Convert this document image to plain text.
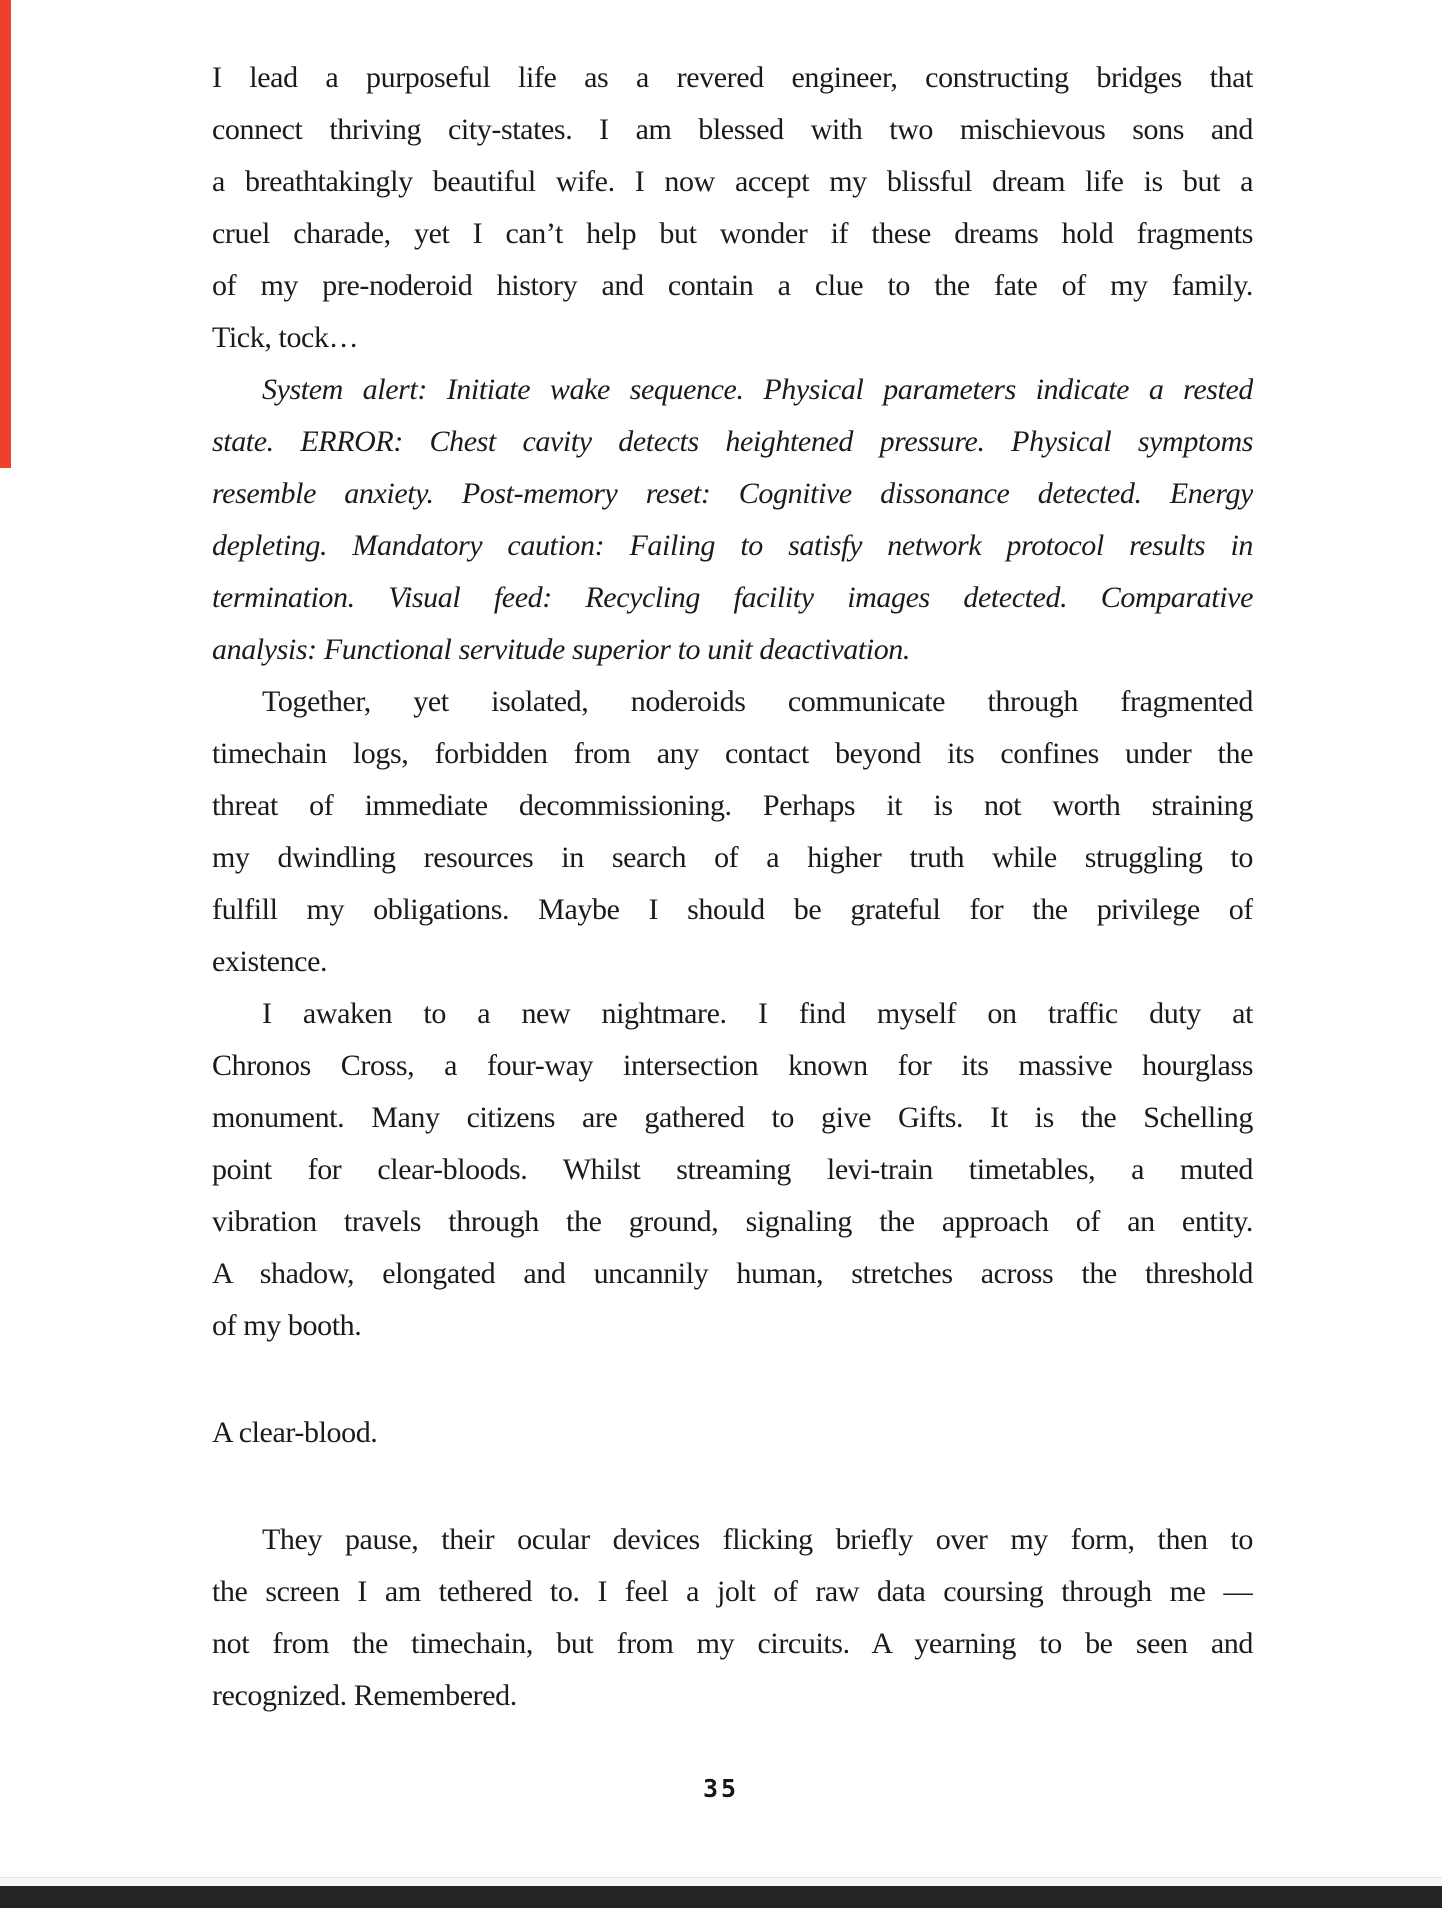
I lead a purposeful life as a revered engineer, constructing bridges that
connect thriving city-states. I am blessed with two mischievous sons and
a breathtakingly beautiful wife. I now accept my blissful dream life is but a
cruel charade, yet I can’t help but wonder if these dreams hold fragments
of my pre-noderoid history and contain a clue to the fate of my family.
Tick, tock…
System alert: Initiate wake sequence. Physical parameters indicate a rested
state. ERROR: Chest cavity detects heightened pressure. Physical symptoms
resemble anxiety. Post-memory reset: Cognitive dissonance detected. Energy
depleting. Mandatory caution: Failing to satisfy network protocol results in
termination. Visual feed: Recycling facility images detected. Comparative
analysis: Functional servitude superior to unit deactivation.
Together, yet isolated, noderoids communicate through fragmented
timechain logs, forbidden from any contact beyond its confines under the
threat of immediate decommissioning. Perhaps it is not worth straining
my dwindling resources in search of a higher truth while struggling to
fulfill my obligations. Maybe I should be grateful for the privilege of
existence.
I awaken to a new nightmare. I find myself on traffic duty at
Chronos Cross, a four-way intersection known for its massive hourglass
monument. Many citizens are gathered to give Gifts. It is the Schelling
point for clear-bloods. Whilst streaming levi-train timetables, a muted
vibration travels through the ground, signaling the approach of an entity.
A shadow, elongated and uncannily human, stretches across the threshold
of my booth.
A clear-blood.
They pause, their ocular devices flicking briefly over my form, then to
the screen I am tethered to. I feel a jolt of raw data coursing through me —
not from the timechain, but from my circuits. A yearning to be seen and
recognized. Remembered.
35
